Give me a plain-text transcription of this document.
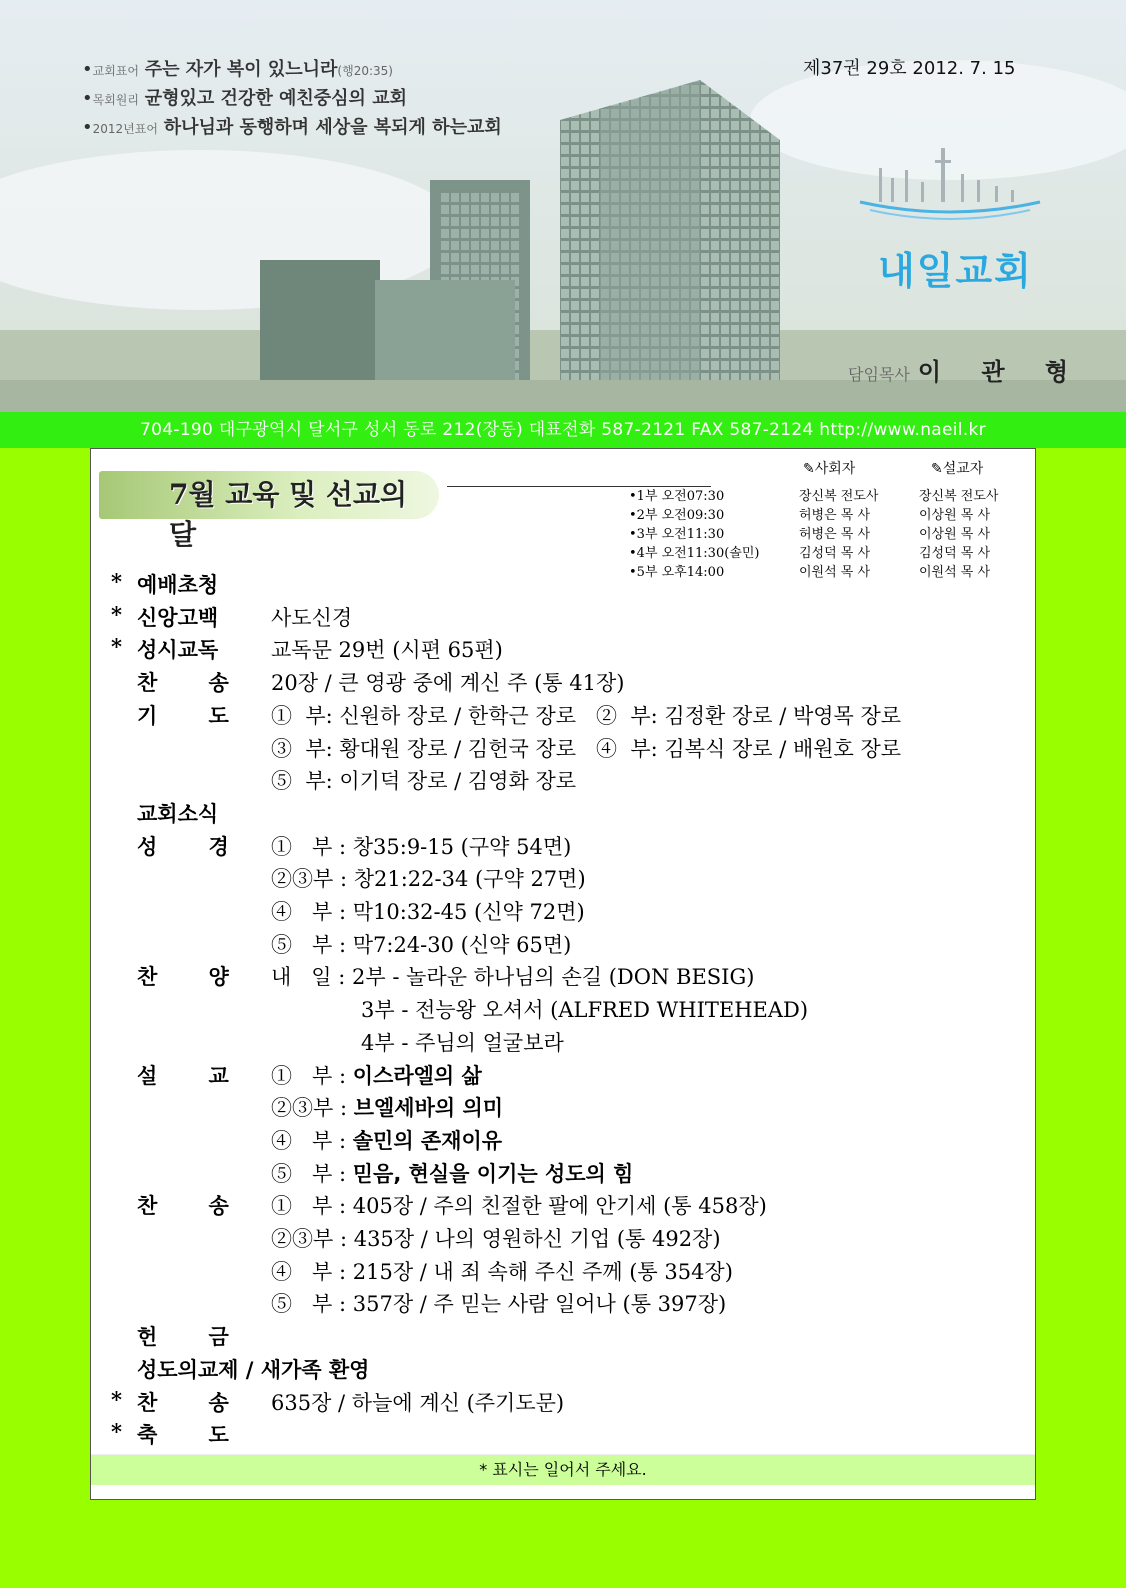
•교회표어 주는 자가 복이 있느니라(행20:35)
•목회원리 균형있고 건강한 예친중심의 교회
•2012년표어 하나님과 동행하며 세상을 복되게 하는교회
제37권 29호 2012. 7. 15
내일교회
담임목사 이 관 형
704-190 대구광역시 달서구 성서 동로 212(장동) 대표전화 587-2121 FAX 587-2124 http://www.naeil.kr
7월 교육 및 선교의 달
✎사회자	✎설교자
•1부 오전07:30	장신복 전도사	장신복 전도사
•2부 오전09:30	허병은 목 사	이상원 목 사
•3부 오전11:30	허병은 목 사	이상원 목 사
•4부 오전11:30(솔민)	김성덕 목 사	김성덕 목 사
•5부 오후14:00	이원석 목 사	이원석 목 사
* 예배초청
* 신앙고백	사도신경
* 성시교독	교독문 29번 (시편 65편)
찬       송 20장 / 큰 영광 중에 계신 주 (통 41장)
기       도 ①  부: 신원하 장로 / 한학근 장로   ②  부: 김정환 장로 / 박영목 장로
③  부: 황대원 장로 / 김헌국 장로   ④  부: 김복식 장로 / 배원호 장로
⑤  부: 이기덕 장로 / 김영화 장로
교회소식
성       경 ①   부 : 창35:9-15 (구약 54면)
②③부 : 창21:22-34 (구약 27면)
④   부 : 막10:32-45 (신약 72면)
⑤   부 : 막7:24-30 (신약 65면)
찬       양 내   일 : 2부 - 놀라운 하나님의 손길 (DON BESIG)
3부 - 전능왕 오셔서 (ALFRED WHITEHEAD)
4부 - 주님의 얼굴보라
설       교 ①   부 : 이스라엘의 삶
②③부 : 브엘세바의 의미
④   부 : 솔민의 존재이유
⑤   부 : 믿음, 현실을 이기는 성도의 힘
찬       송 ①   부 : 405장 / 주의 친절한 팔에 안기세 (통 458장)
②③부 : 435장 / 나의 영원하신 기업 (통 492장)
④   부 : 215장 / 내 죄 속해 주신 주께 (통 354장)
⑤   부 : 357장 / 주 믿는 사람 일어나 (통 397장)
헌       금
성도의교제 / 새가족 환영
* 찬       송 635장 / 하늘에 계신 (주기도문)
* 축       도
* 표시는 일어서 주세요.
